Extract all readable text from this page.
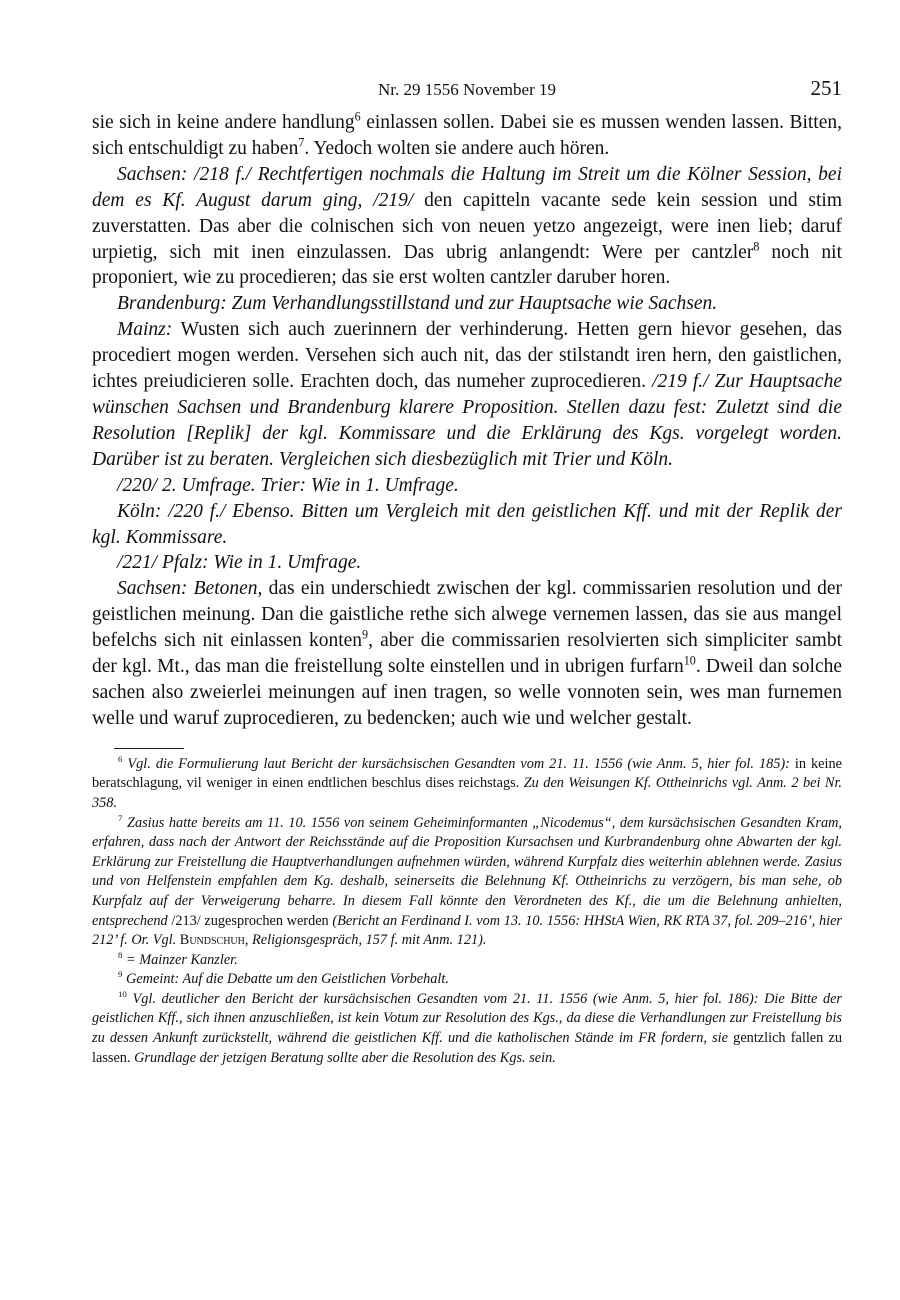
Nr. 29 1556 November 19	251

sie sich in keine andere handlung$^6$ einlassen sollen. Dabei sie es mussen wenden lassen. Bitten, sich entschuldigt zu haben$^7$. Yedoch wolten sie andere auch hören.

Sachsen: /218 f./ Rechtfertigen nochmals die Haltung im Streit um die Kölner Session, bei dem es Kf. August darum ging, /219/ den capitteln vacante sede kein session und stim zuverstatten. Das aber die colnischen sich von neuen yetzo angezeigt, were inen lieb; daruf urpietig, sich mit inen einzulassen. Das ubrig anlangendt: Were per cantzler$^8$ noch nit proponiert, wie zu procedieren; das sie erst wolten cantzler daruber horen.

Brandenburg: Zum Verhandlungsstillstand und zur Hauptsache wie Sachsen.

Mainz: Wusten sich auch zuerinnern der verhinderung. Hetten gern hievor gesehen, das procediert mogen werden. Versehen sich auch nit, das der stilstandt iren hern, den gaistlichen, ichtes preiudicieren solle. Erachten doch, das numeher zuprocedieren. /219 f./ Zur Hauptsache wünschen Sachsen und Brandenburg klarere Proposition. Stellen dazu fest: Zuletzt sind die Resolution [Replik] der kgl. Kommissare und die Erklärung des Kgs. vorgelegt worden. Darüber ist zu beraten. Vergleichen sich diesbezüglich mit Trier und Köln.

/220/ 2. Umfrage. Trier: Wie in 1. Umfrage.

Köln: /220 f./ Ebenso. Bitten um Vergleich mit den geistlichen Kff. und mit der Replik der kgl. Kommissare.

/221/ Pfalz: Wie in 1. Umfrage.

Sachsen: Betonen, das ein underschiedt zwischen der kgl. commissarien resolution und der geistlichen meinung. Dan die gaistliche rethe sich alwege vernemen lassen, das sie aus mangel befelchs sich nit einlassen konten$^9$, aber die commissarien resolvierten sich simpliciter sambt der kgl. Mt., das man die freistellung solte einstellen und in ubrigen furfarn$^{10}$. Dweil dan solche sachen also zweierlei meinungen auf inen tragen, so welle vonnoten sein, wes man furnemen welle und waruf zuprocedieren, zu bedencken; auch wie und welcher gestalt.

$^6$ Vgl. die Formulierung laut Bericht der kursächsischen Gesandten vom 21. 11. 1556 (wie Anm. 5, hier fol. 185): in keine beratschlagung, vil weniger in einen endtlichen beschlus dises reichstags. Zu den Weisungen Kf. Ottheinrichs vgl. Anm. 2 bei Nr. 358.

$^7$ Zasius hatte bereits am 11. 10. 1556 von seinem Geheiminformanten „Nicodemus“, dem kursächsischen Gesandten Kram, erfahren, dass nach der Antwort der Reichsstände auf die Proposition Kursachsen und Kurbrandenburg ohne Abwarten der kgl. Erklärung zur Freistellung die Hauptverhandlungen aufnehmen würden, während Kurpfalz dies weiterhin ablehnen werde. Zasius und von Helfenstein empfahlen dem Kg. deshalb, seinerseits die Belehnung Kf. Ottheinrichs zu verzögern, bis man sehe, ob Kurpfalz auf der Verweigerung beharre. In diesem Fall könnte den Verordneten des Kf., die um die Belehnung anhielten, entsprechend /213/ zugesprochen werden (Bericht an Ferdinand I. vom 13. 10. 1556: HHStA Wien, RK RTA 37, fol. 209–216’, hier 212’ f. Or. Vgl. Bundschuh, Religionsgespräch, 157 f. mit Anm. 121).

$^8$ = Mainzer Kanzler.

$^9$ Gemeint: Auf die Debatte um den Geistlichen Vorbehalt.

$^{10}$ Vgl. deutlicher den Bericht der kursächsischen Gesandten vom 21. 11. 1556 (wie Anm. 5, hier fol. 186): Die Bitte der geistlichen Kff., sich ihnen anzuschließen, ist kein Votum zur Resolution des Kgs., da diese die Verhandlungen zur Freistellung bis zu dessen Ankunft zurückstellt, während die geistlichen Kff. und die katholischen Stände im FR fordern, sie gentzlich fallen zu lassen. Grundlage der jetzigen Beratung sollte aber die Resolution des Kgs. sein.
